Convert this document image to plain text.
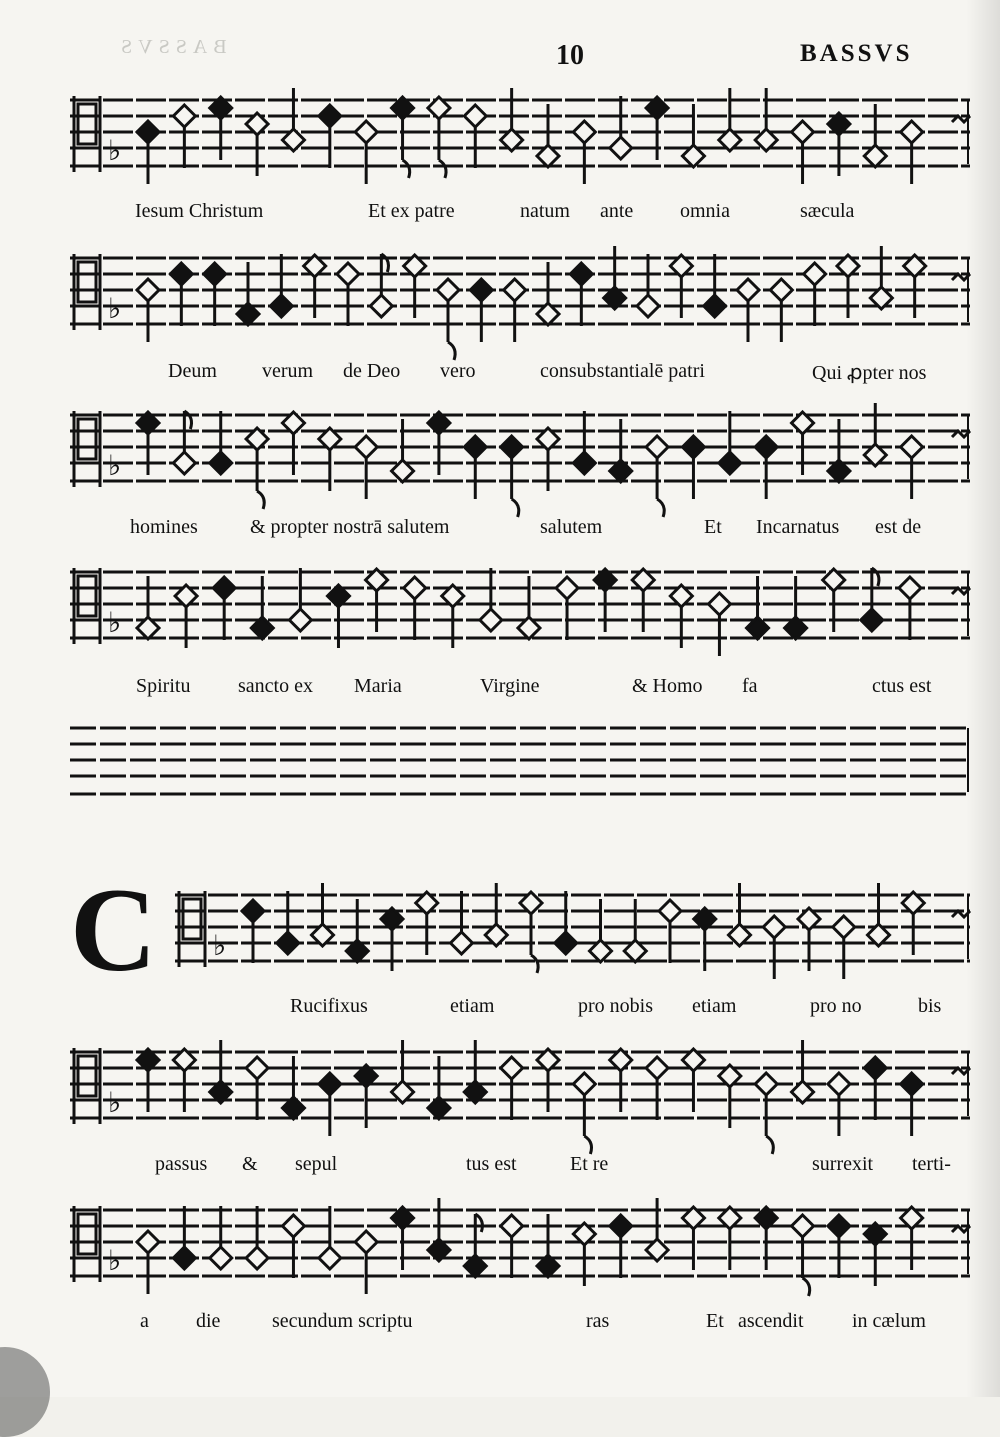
BASSVS	10	BASSVS
C
♭
♭
♭
♭
♭
♭
♭
Iesum Christum	Et ex patre	natum ante omnia	sæcula
Deum verum de Deo vero	consubstantialē patri	Qui ꝓpter nos
homines	& propter nostrā salutem	salutem	Et Incarnatus est de
Spiritu sancto ex Maria	Virgine	& Homo fa	ctus est
Rucifixus	etiam	pro nobis etiam	pro no	bis
passus & sepul	tus est	Et re	surrexit terti-
a die	secundum scriptu	ras	Et ascendit in cælum
